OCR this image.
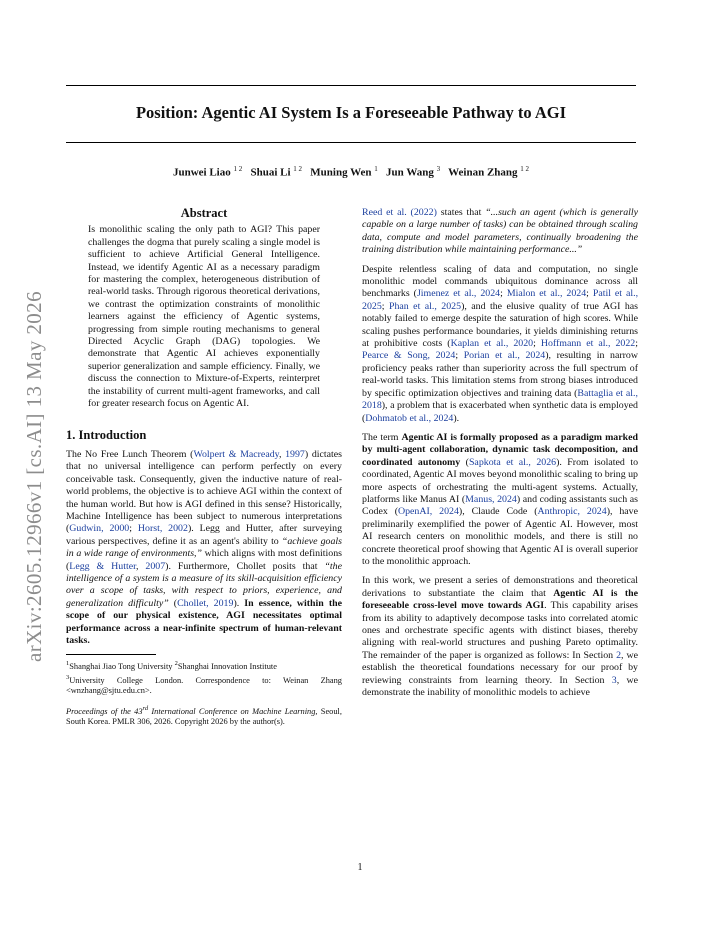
Position: Agentic AI System Is a Foreseeable Pathway to AGI
Junwei Liao $^{1 2}$ Shuai Li $^{1 2}$ Muning Wen $^1$ Jun Wang $^3$ Weinan Zhang $^{1 2}$
arXiv:2605.12966v1 [cs.AI] 13 May 2026
Abstract
Is monolithic scaling the only path to AGI? This paper challenges the dogma that purely scaling a single model is sufficient to achieve Artificial General Intelligence. Instead, we identify Agentic AI as a necessary paradigm for mastering the complex, heterogeneous distribution of real-world tasks. Through rigorous theoretical derivations, we contrast the optimization constraints of monolithic learners against the efficiency of Agentic systems, progressing from simple routing mechanisms to general Directed Acyclic Graph (DAG) topologies. We demonstrate that Agentic AI achieves exponentially superior generalization and sample efficiency. Finally, we discuss the connection to Mixture-of-Experts, reinterpret the instability of current multi-agent frameworks, and call for greater research focus on Agentic AI.
1. Introduction

The No Free Lunch Theorem (Wolpert & Macready, 1997) dictates that no universal intelligence can perform perfectly on every conceivable task. Consequently, given the inductive nature of real-world problems, the objective is to achieve AGI within the context of the human world. But how is AGI defined in this sense? Historically, Machine Intelligence has been subject to numerous interpretations (Gudwin, 2000; Horst, 2002). Legg and Hutter, after surveying various perspectives, define it as an agent's ability to “achieve goals in a wide range of environments,” which aligns with most definitions (Legg & Hutter, 2007). Furthermore, Chollet posits that “the intelligence of a system is a measure of its skill-acquisition efficiency over a scope of tasks, with respect to priors, experience, and generalization difficulty” (Chollet, 2019). In essence, within the scope of our physical existence, AGI necessitates optimal performance across a near-infinite spectrum of human-relevant tasks.

$^1$Shanghai Jiao Tong University $^2$Shanghai Innovation Institute
$^3$University College London. Correspondence to: Weinan Zhang <wnzhang@sjtu.edu.cn>.
Proceedings of the 43rd International Conference on Machine Learning, Seoul, South Korea. PMLR 306, 2026. Copyright 2026 by the author(s).

Reed et al. (2022) states that “...such an agent (which is generally capable on a large number of tasks) can be obtained through scaling data, compute and model parameters, continually broadening the training distribution while maintaining performance...”

Despite relentless scaling of data and computation, no single monolithic model commands ubiquitous dominance across all benchmarks (Jimenez et al., 2024; Mialon et al., 2024; Patil et al., 2025; Phan et al., 2025), and the elusive quality of true AGI has notably failed to emerge despite the saturation of high scores. While scaling pushes performance boundaries, it yields diminishing returns at prohibitive costs (Kaplan et al., 2020; Hoffmann et al., 2022; Pearce & Song, 2024; Porian et al., 2024), resulting in narrow proficiency peaks rather than superiority across the full spectrum of real-world tasks. This limitation stems from strong biases introduced by specific optimization objectives and training data (Battaglia et al., 2018), a problem that is exacerbated when synthetic data is employed (Dohmatob et al., 2024).

The term Agentic AI is formally proposed as a paradigm marked by multi-agent collaboration, dynamic task decomposition, and coordinated autonomy (Sapkota et al., 2026). From isolated to coordinated, Agentic AI moves beyond monolithic scaling to bring up more aspects of orchestrating the multi-agent systems. Actually, platforms like Manus AI (Manus, 2024) and coding assistants such as Codex (OpenAI, 2024), Claude Code (Anthropic, 2024), have preliminarily exemplified the power of Agentic AI. However, most AI research centers on monolithic models, and there is still no concrete theoretical proof showing that Agentic AI is overall superior to the monolithic approach.

In this work, we present a series of demonstrations and theoretical derivations to substantiate the claim that Agentic AI is the foreseeable cross-level move towards AGI. This capability arises from its ability to adaptively decompose tasks into correlated atomic ones and orchestrate specific agents with distinct biases, thereby aligning with real-world structures and pushing Pareto optimality. The remainder of the paper is organized as follows: In Section 2, we establish the theoretical foundations necessary for our proof by reviewing constraints from learning theory. In Section 3, we demonstrate the inability of monolithic models to achieve

1
